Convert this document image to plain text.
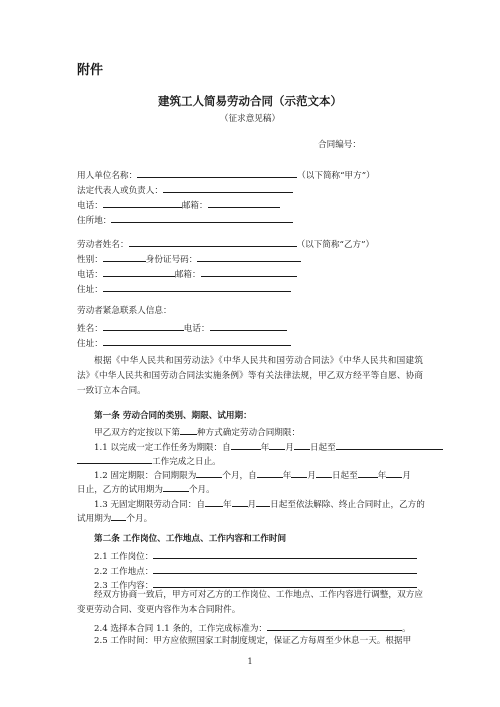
附件
建筑工人简易劳动合同（示范文本）
（征求意见稿）
合同编号：
用人单位名称：	（以下简称“甲方”）
法定代表人或负责人：
电话：	邮箱：
住所地：
劳动者姓名：	（以下简称“乙方”）
性别：	身份证号码：
电话：	邮箱：
住址：
劳动者紧急联系人信息：
姓名：	电话：
住址：
根据《中华人民共和国劳动法》《中华人民共和国劳动合同法》《中华人民共和国建筑法》《中华人民共和国劳动合同法实施条例》等有关法律法规，甲乙双方经平等自愿、协商一致订立本合同。
第一条 劳动合同的类别、期限、试用期：
甲乙双方约定按以下第 种方式确定劳动合同期限：
1.1 以完成一定工作任务为期限：自	年 月 日起至
工作完成之日止。
1.2 固定期限：合同期限为	个月，自	年 月 日起至 年 月
日止，乙方的试用期为	个月。
1.3 无固定期限劳动合同：自 年 月 日起至依法解除、终止合同时止，乙方的
试用期为 个月。
第二条 工作岗位、工作地点、工作内容和工作时间
2.1 工作岗位：
2.2 工作地点：
2.3 工作内容：
经双方协商一致后，甲方可对乙方的工作岗位、工作地点、工作内容进行调整，双方应变更劳动合同、变更内容作为本合同附件。
2.4 选择本合同 1.1 条的，工作完成标准为：	。
2.5 工作时间：甲方应依照国家工时制度规定，保证乙方每周至少休息一天。根据甲
1
